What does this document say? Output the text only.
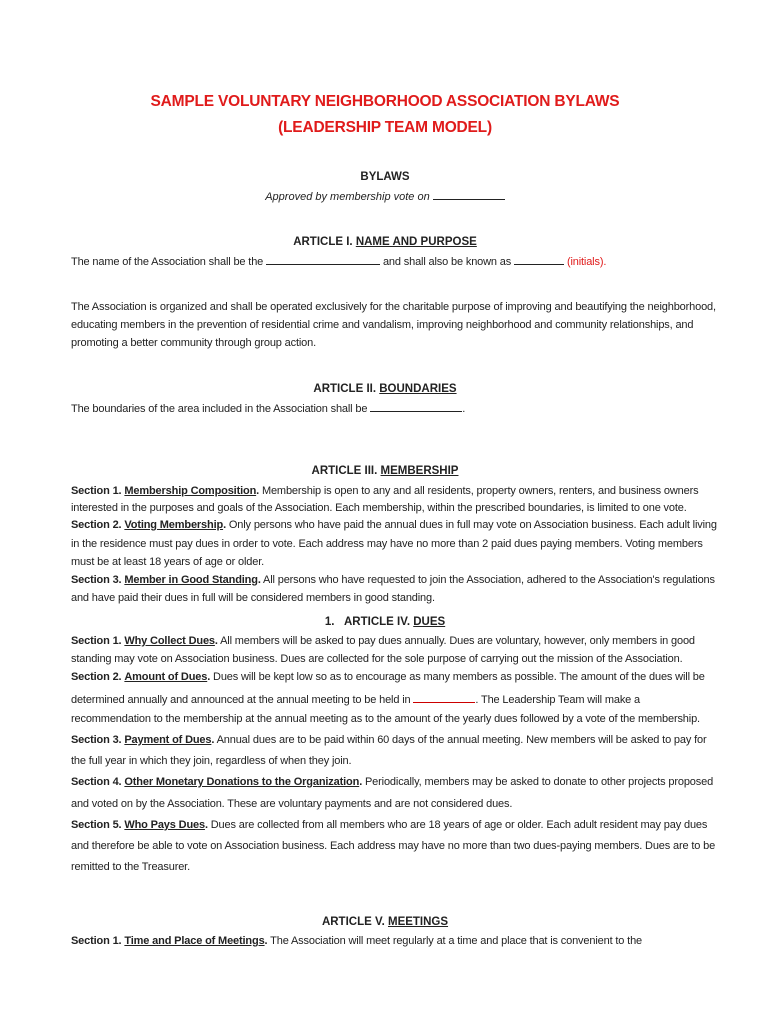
SAMPLE VOLUNTARY NEIGHBORHOOD ASSOCIATION BYLAWS
(LEADERSHIP TEAM MODEL)
BYLAWS
Approved by membership vote on
ARTICLE I. NAME AND PURPOSE
The name of the Association shall be the	and shall also be known as	(initials).
The Association is organized and shall be operated exclusively for the charitable purpose of improving and beautifying the neighborhood,
educating members in the prevention of residential crime and vandalism, improving neighborhood and community relationships, and
promoting a better community through group action.
ARTICLE II. BOUNDARIES
The boundaries of the area included in the Association shall be	.
ARTICLE III. MEMBERSHIP
Section 1. Membership Composition. Membership is open to any and all residents, property owners, renters, and business owners
interested in the purposes and goals of the Association. Each membership, within the prescribed boundaries, is limited to one vote.
Section 2. Voting Membership. Only persons who have paid the annual dues in full may vote on Association business. Each adult living
in the residence must pay dues in order to vote. Each address may have no more than 2 paid dues paying members. Voting members
must be at least 18 years of age or older.
Section 3. Member in Good Standing. All persons who have requested to join the Association, adhered to the Association's regulations
and have paid their dues in full will be considered members in good standing.
1. ARTICLE IV. DUES
Section 1. Why Collect Dues. All members will be asked to pay dues annually. Dues are voluntary, however, only members in good
standing may vote on Association business. Dues are collected for the sole purpose of carrying out the mission of the Association.
Section 2. Amount of Dues. Dues will be kept low so as to encourage as many members as possible. The amount of the dues will be
determined annually and announced at the annual meeting to be held in	. The Leadership Team will make a
recommendation to the membership at the annual meeting as to the amount of the yearly dues followed by a vote of the membership.
Section 3. Payment of Dues. Annual dues are to be paid within 60 days of the annual meeting. New members will be asked to pay for
the full year in which they join, regardless of when they join.
Section 4. Other Monetary Donations to the Organization. Periodically, members may be asked to donate to other projects proposed
and voted on by the Association. These are voluntary payments and are not considered dues.
Section 5. Who Pays Dues. Dues are collected from all members who are 18 years of age or older. Each adult resident may pay dues
and therefore be able to vote on Association business. Each address may have no more than two dues-paying members. Dues are to be
remitted to the Treasurer.
ARTICLE V. MEETINGS
Section 1. Time and Place of Meetings. The Association will meet regularly at a time and place that is convenient to the
